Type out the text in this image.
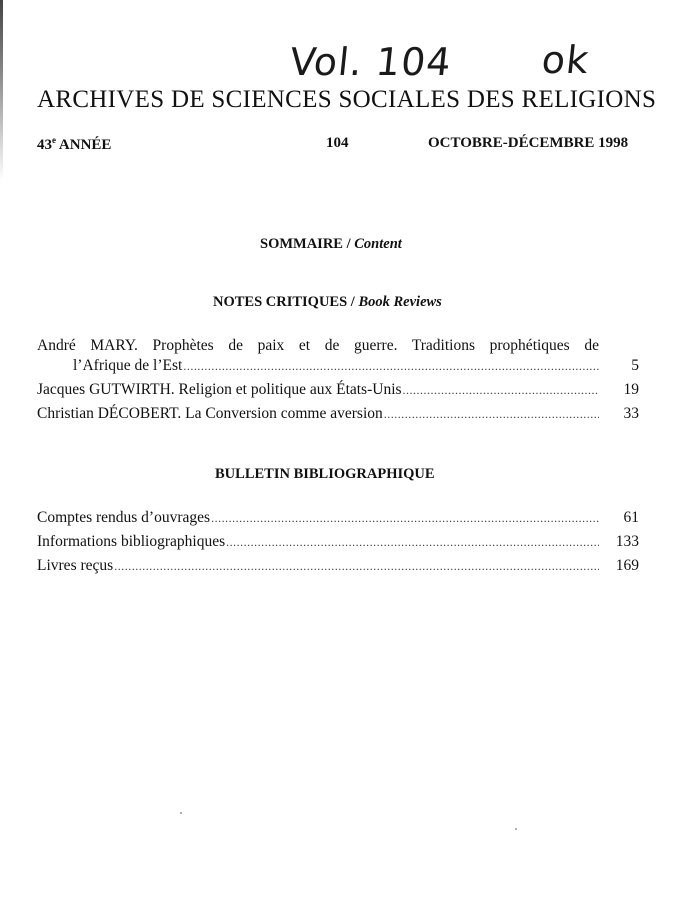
Vol. 104 ok
ARCHIVES DE SCIENCES SOCIALES DES RELIGIONS
43e ANNÉE	104	OCTOBRE-DÉCEMBRE 1998
SOMMAIRE / Content
NOTES CRITIQUES / Book Reviews
André MARY. Prophètes de paix et de guerre. Traditions prophétiques de
l’Afrique de l’Est .....	5
Jacques GUTWIRTH. Religion et politique aux États-Unis .....	19
Christian DÉCOBERT. La Conversion comme aversion .....	33
BULLETIN BIBLIOGRAPHIQUE
Comptes rendus d’ouvrages .....	61
Informations bibliographiques .....	133
Livres reçus .....	169
